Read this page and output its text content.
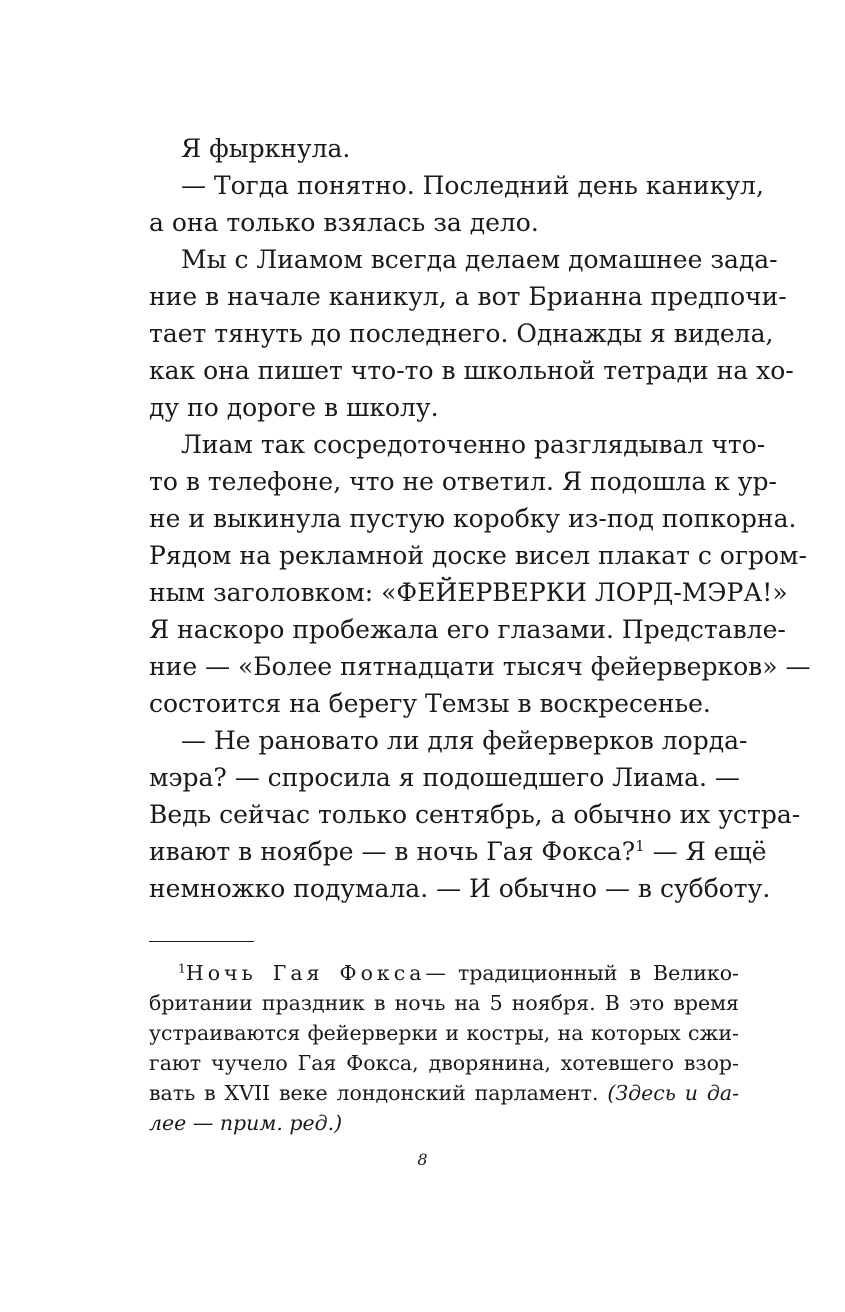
Я фыркнула.
— Тогда понятно. Последний день каникул,
а она только взялась за дело.
Мы с Лиамом всегда делаем домашнее зада-
ние в начале каникул, а вот Брианна предпочи-
тает тянуть до последнего. Однажды я видела,
как она пишет что-то в школьной тетради на хо-
ду по дороге в школу.
Лиам так сосредоточенно разглядывал что-
то в телефоне, что не ответил. Я подошла к ур-
не и выкинула пустую коробку из-под попкорна.
Рядом на рекламной доске висел плакат с огром-
ным заголовком: «ФЕЙЕРВЕРКИ ЛОРД-МЭРА!»
Я наскоро пробежала его глазами. Представле-
ние — «Более пятнадцати тысяч фейерверков» —
состоится на берегу Темзы в воскресенье.
— Не рановато ли для фейерверков лорда-
мэра? — спросила я подошедшего Лиама. —
Ведь сейчас только сентябрь, а обычно их устра-
ивают в ноябре — в ночь Гая Фокса?$^1$ — Я ещё
немножко подумала. — И обычно — в субботу.
$^1$Ночь Гая Фокса— традиционный в Велико-
британии праздник в ночь на 5 ноября. В это время
устраиваются фейерверки и костры, на которых сжи-
гают чучело Гая Фокса, дворянина, хотевшего взор-
вать в XVII веке лондонский парламент. (Здесь и да-
лее — прим. ред.)
8
